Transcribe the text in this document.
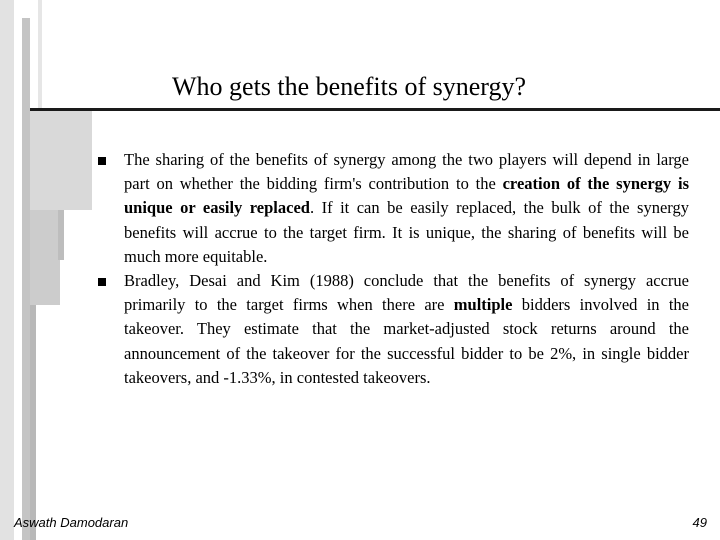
Who gets the benefits of synergy?
The sharing of the benefits of synergy among the two players will depend in large part on whether the bidding firm's contribution to the creation of the synergy is unique or easily replaced. If it can be easily replaced, the bulk of the synergy benefits will accrue to the target firm. It is unique, the sharing of benefits will be much more equitable.
Bradley, Desai and Kim (1988) conclude that the benefits of synergy accrue primarily to the target firms when there are multiple bidders involved in the takeover. They estimate that the market-adjusted stock returns around the announcement of the takeover for the successful bidder to be 2%, in single bidder takeovers, and -1.33%, in contested takeovers.
Aswath Damodaran	49
